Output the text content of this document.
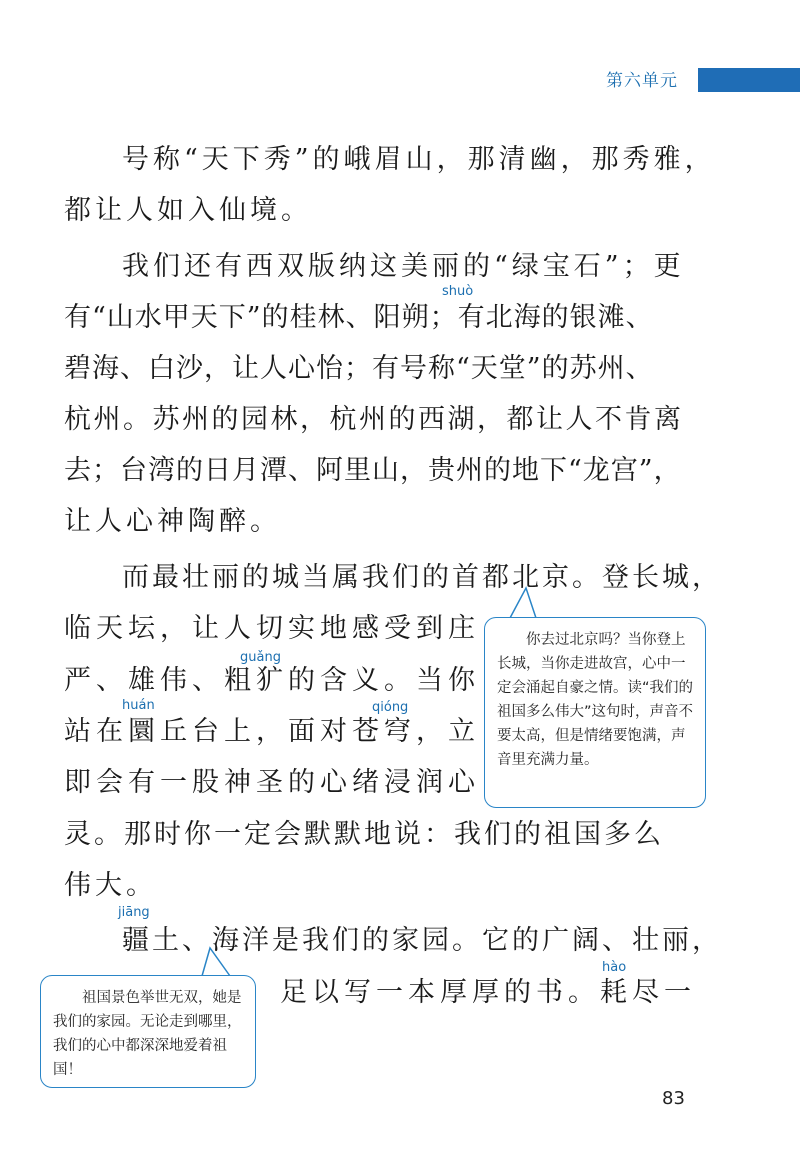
第六单元
号称“天下秀”的峨眉山，那清幽，那秀雅，
都让人如入仙境。
我们还有西双版纳这美丽的“绿宝石”；更
shuò
有“山水甲天下”的桂林、阳朔；有北海的银滩、
碧海、白沙，让人心怡；有号称“天堂”的苏州、
杭州。苏州的园林，杭州的西湖，都让人不肯离
去；台湾的日月潭、阿里山，贵州的地下“龙宫”，
让人心神陶醉。
而最壮丽的城当属我们的首都北京。登长城，
临天坛，让人切实地感受到庄
guǎng
严、雄伟、粗犷的含义。当你
huán	qióng
站在圜丘台上，面对苍穹，立
即会有一股神圣的心绪浸润心
灵。那时你一定会默默地说：我们的祖国多么
伟大。
jiāng
疆土、海洋是我们的家园。它的广阔、壮丽，
hào
足以写一本厚厚的书。耗尽一

你去过北京吗？当你登上长城，当你走进故宫，心中一定会涌起自豪之情。读“我们的祖国多么伟大”这句时，声音不要太高，但是情绪要饱满，声音里充满力量。

祖国景色举世无双，她是我们的家园。无论走到哪里，我们的心中都深深地爱着祖国！

83
